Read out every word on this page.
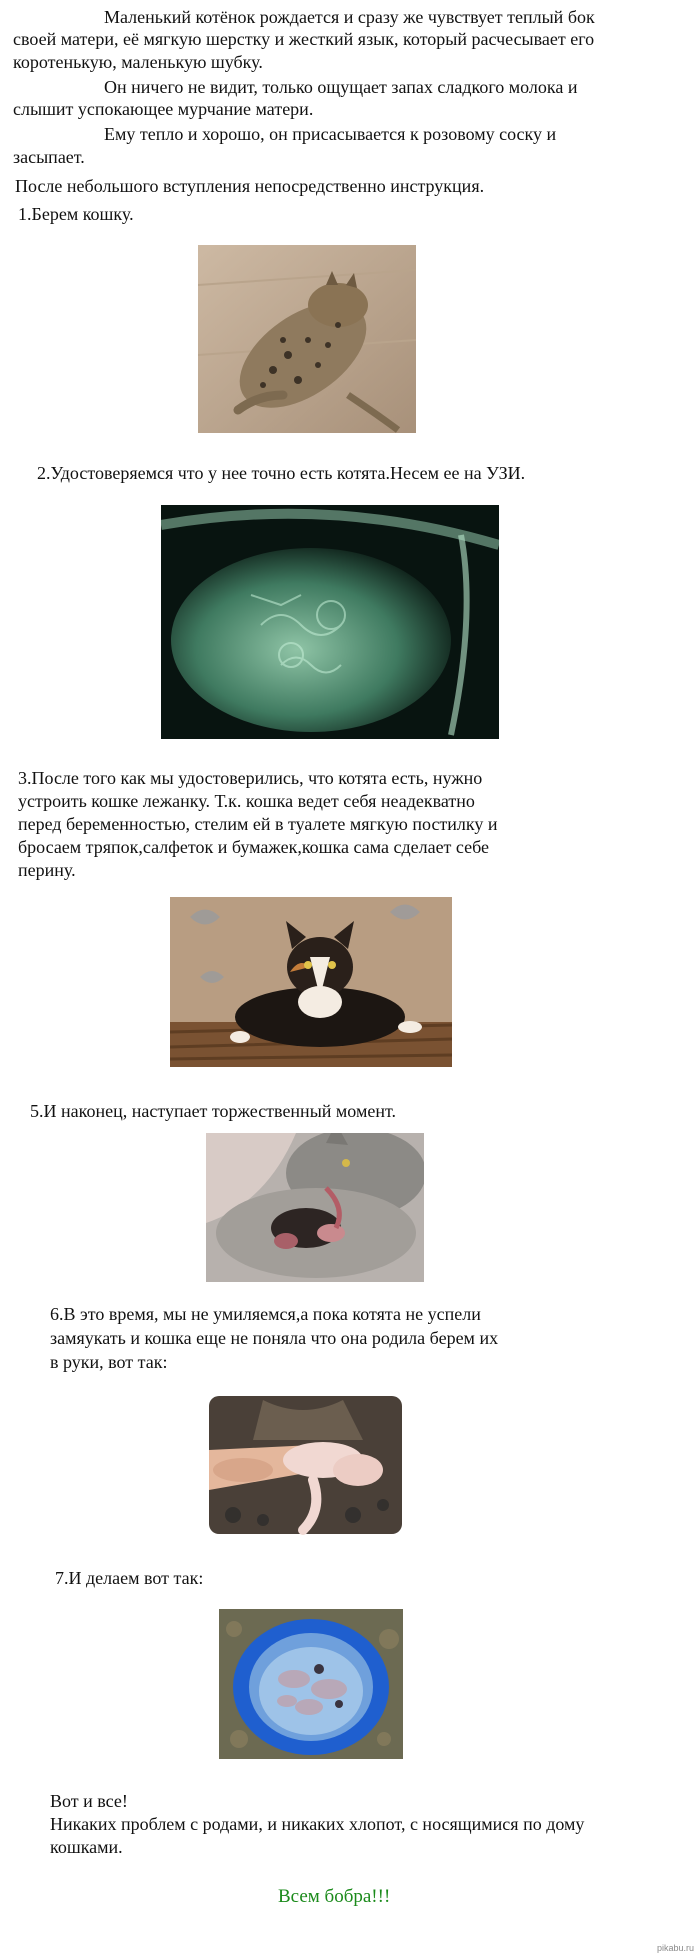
Маленький котёнок рождается и сразу же чувствует теплый бок

своей матери, её мягкую шерстку и жесткий язык, который расчесывает его

коротенькую, маленькую шубку.

Он ничего не видит, только ощущает запах сладкого молока и

слышит успокающее мурчание матери.

Ему тепло и хорошо, он присасывается к розовому соску и

засыпает.

После небольшого вступления непосредственно инструкция.

1.Берем кошку.

2.Удостоверяемся что у нее точно есть котята.Несем ее на УЗИ.

3.После того как мы удостоверились, что котята есть, нужно

устроить кошке лежанку. Т.к. кошка ведет себя неадекватно

перед беременностью, стелим ей в туалете мягкую постилку и

бросаем тряпок,салфеток и бумажек,кошка сама сделает себе

перину.

5.И наконец, наступает торжественный момент.

6.В это время, мы не умиляемся,а пока котята не успели

замяукать и кошка еще не поняла что она родила берем их

в руки, вот так:

7.И делаем вот так:

Вот и все!

Никаких проблем с родами, и никаких хлопот, с носящимися по дому

кошками.

Всем бобра!!!

pikabu.ru
